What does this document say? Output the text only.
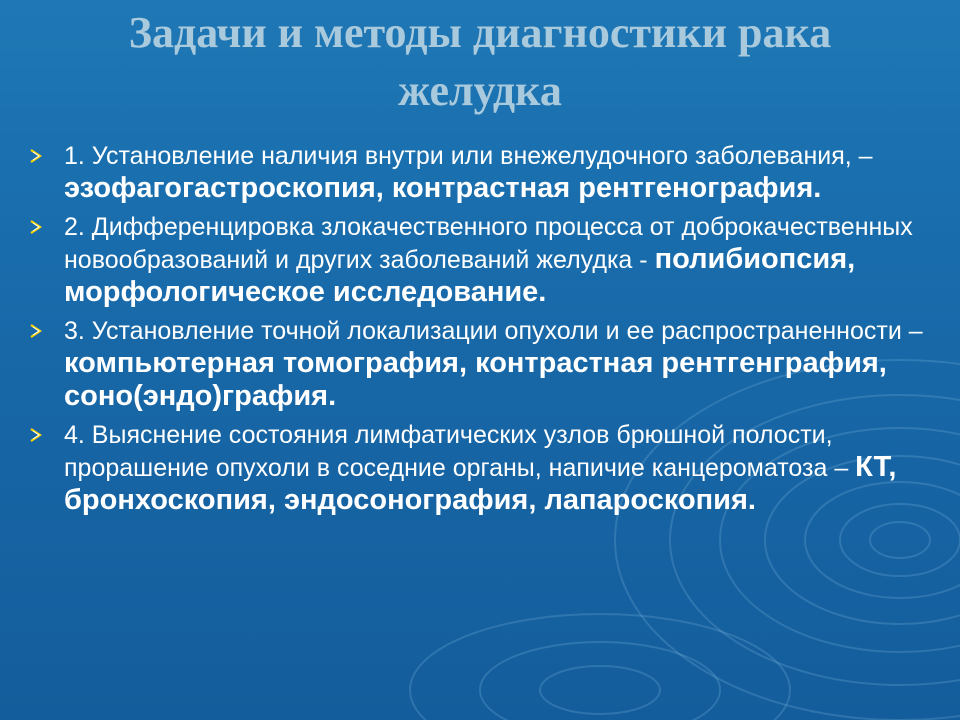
Задачи и методы диагностики рака
желудка
1. Установление наличия внутри или внежелудочного заболевания, – эзофагогастроскопия, контрастная рентгенография.
2. Дифференцировка злокачественного процесса от доброкачественных новообразований и других заболеваний желудка - полибиопсия, морфологическое исследование.
3. Установление точной локализации опухоли и ее распространенности – компьютерная томография, контрастная рентгенграфия, соно(эндо)графия.
4. Выяснение состояния лимфатических узлов брюшной полости, прорашение опухоли в соседние органы, напичие канцероматоза – КТ, бронхоскопия, эндосонография, лапароскопия.
